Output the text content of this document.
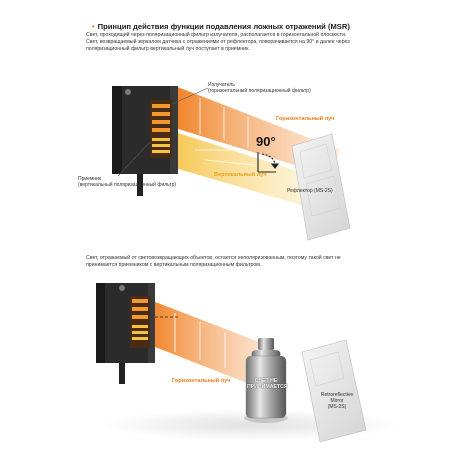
• Принцип действия функции подавления ложных отражений (MSR)
Свет, проходящий через поляризационный фильтр излучателя, располагается в горизонтальной плоскости.
Свет, возвращаемый зеркалом датчика с отражениями от рефлектора, поворачивается на 90° и далее через
поляризационный фильтр вертикальный луч поступает в приемник.
Излучатель
(горизонтальный поляризационный фильтр)
Приемник
(вертикальный поляризационный фильтр)
Горизонтальный луч
Вертикальный луч
90°
Рефлектор (MS-2S)
Свет, отражаемый от световозвращающих объектов, остается неполяризованным, поэтому такой свет не
принимается приемником с вертикальным поляризационным фильтром.
Горизонтальный луч	СВЕТ НЕ
ПРИНИМАЕТСЯ
Retroreflective
Mirror
(MS-2S)
